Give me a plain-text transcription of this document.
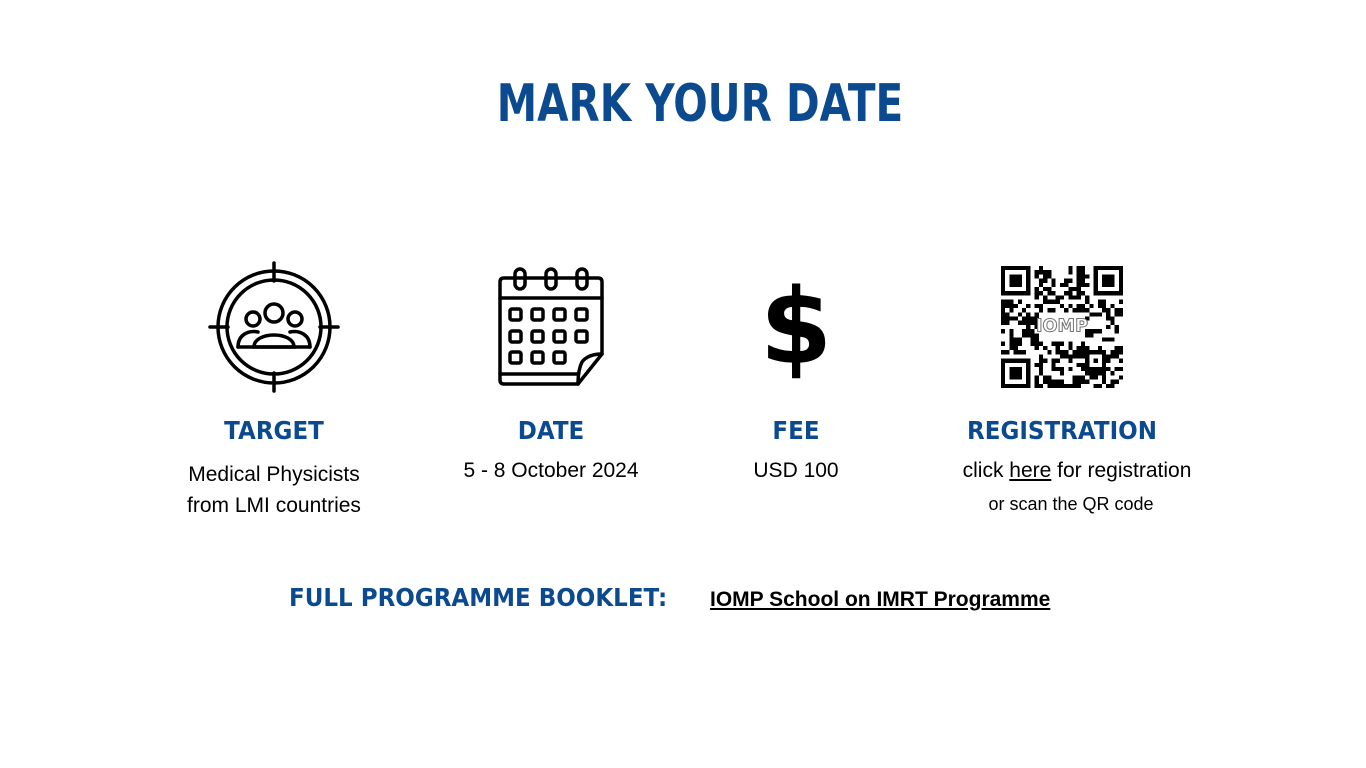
MARK YOUR DATE
TARGET
Medical Physicists
from LMI countries
DATE
5 - 8 October 2024
$
FEE
USD 100
IOMP
REGISTRATION
click here for registration
or scan the QR code
FULL PROGRAMME BOOKLET: IOMP School on IMRT Programme
